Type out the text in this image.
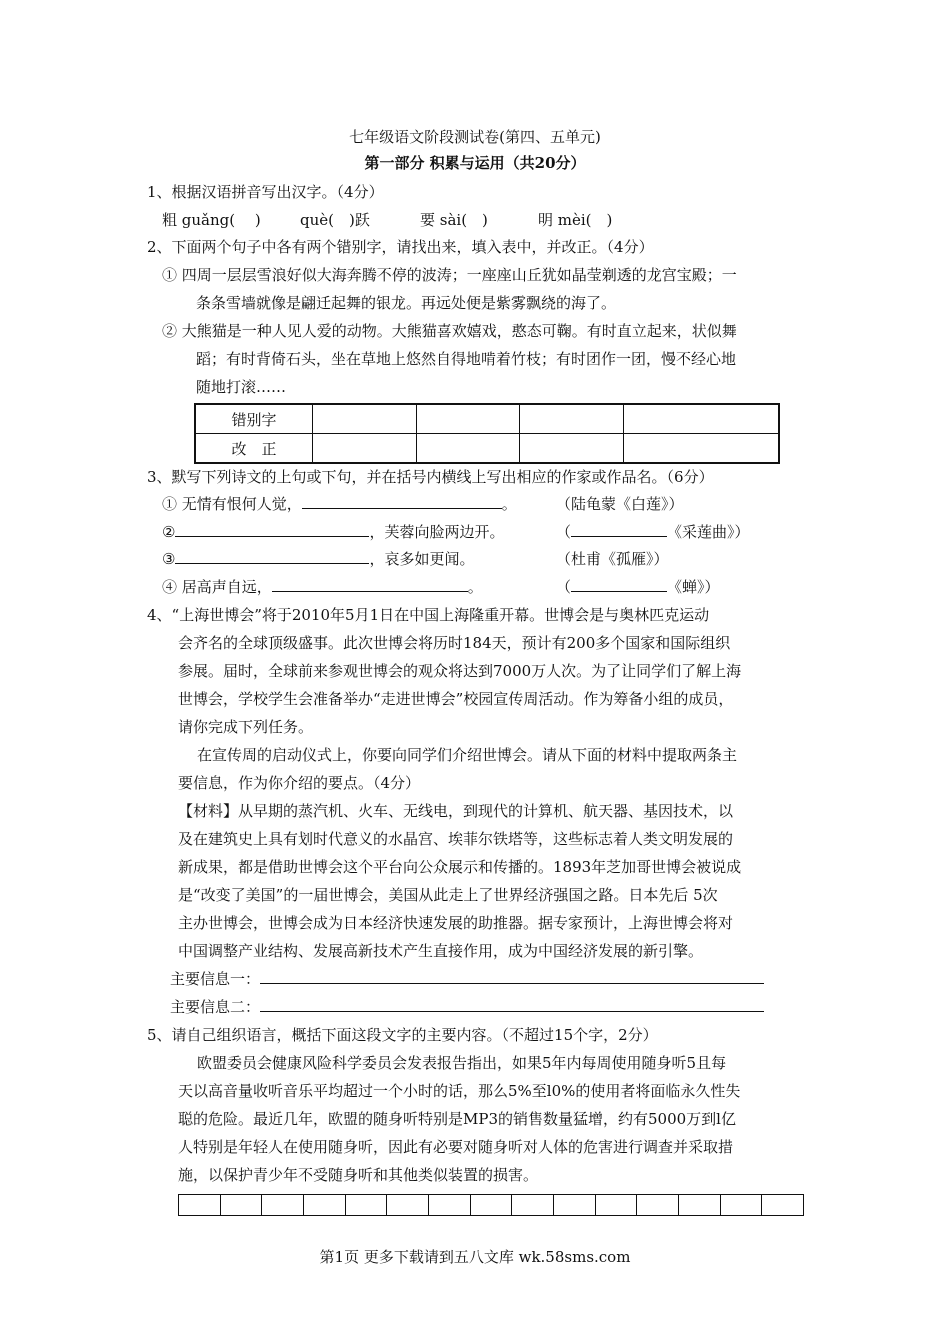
七年级语文阶段测试卷(第四、五单元)
第一部分 积累与运用（共20分）
1、根据汉语拼音写出汉字。（4分）
粗 guǎng(　 )	què(　)跃	要 sài(　)	明 mèi(　)
2、下面两个句子中各有两个错别字，请找出来，填入表中，并改正。（4分）
① 四周一层层雪浪好似大海奔腾不停的波涛；一座座山丘犹如晶莹剃透的龙宫宝殿；一
条条雪墙就像是翩迁起舞的银龙。再远处便是紫雾飘绕的海了。
② 大熊猫是一种人见人爱的动物。大熊猫喜欢嬉戏，憨态可鞠。有时直立起来，状似舞
蹈；有时背倚石头，坐在草地上悠然自得地啃着竹枝；有时团作一团，慢不经心地
随地打滚……
错别字				
改　正				
3、默写下列诗文的上句或下句，并在括号内横线上写出相应的作家或作品名。（6分）
① 无情有恨何人觉，	。	（陆龟蒙《白莲》）
②	，芙蓉向脸两边开。	（	《采莲曲》）
③	，哀多如更闻。	（杜甫《孤雁》）
④ 居高声自远，	。	（	《蝉》）
4、“上海世博会”将于2010年5月1日在中国上海隆重开幕。世博会是与奥林匹克运动
会齐名的全球顶级盛事。此次世博会将历时184天，预计有200多个国家和国际组织
参展。届时，全球前来参观世博会的观众将达到7000万人次。为了让同学们了解上海
世博会，学校学生会准备举办“走进世博会”校园宣传周活动。作为筹备小组的成员，
请你完成下列任务。
在宣传周的启动仪式上，你要向同学们介绍世博会。请从下面的材料中提取两条主
要信息，作为你介绍的要点。（4分）
【材料】从早期的蒸汽机、火车、无线电，到现代的计算机、航天器、基因技术，以
及在建筑史上具有划时代意义的水晶宫、埃菲尔铁塔等，这些标志着人类文明发展的
新成果，都是借助世博会这个平台向公众展示和传播的。1893年芝加哥世博会被说成
是“改变了美国”的一届世博会，美国从此走上了世界经济强国之路。日本先后 5次
主办世博会，世博会成为日本经济快速发展的助推器。据专家预计，上海世博会将对
中国调整产业结构、发展高新技术产生直接作用，成为中国经济发展的新引擎。
主要信息一：
主要信息二：
5、请自己组织语言，概括下面这段文字的主要内容。（不超过15个字，2分）
欧盟委员会健康风险科学委员会发表报告指出，如果5年内每周使用随身听5且每
天以高音量收听音乐平均超过一个小时的话，那么5%至l0%的使用者将面临永久性失
聪的危险。最近几年，欧盟的随身听特别是MP3的销售数量猛增，约有5000万到l亿
人特别是年轻人在使用随身听，因此有必要对随身听对人体的危害进行调查并采取措
施，以保护青少年不受随身听和其他类似装置的损害。
第1页 更多下载请到五八文库 wk.58sms.com
